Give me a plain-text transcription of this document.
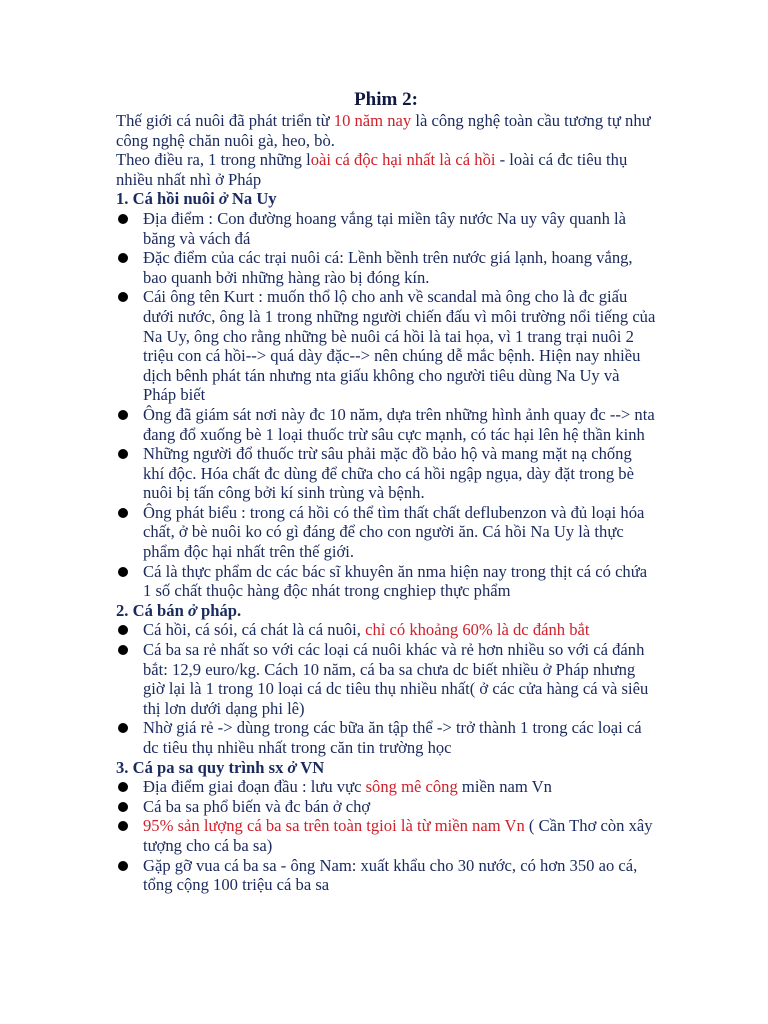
Phim 2:

Thế giới cá nuôi đã phát triển từ 10 năm nay là công nghệ toàn cầu tương tự như công nghệ chăn nuôi gà, heo, bò.

Theo điều ra, 1 trong những loài cá độc hại nhất là cá hồi - loài cá đc tiêu thụ nhiều nhất nhì ở Pháp

1. Cá hồi nuôi ở Na Uy

Địa điểm : Con đường hoang vắng tại miền tây nước Na uy vây quanh là băng và vách đá
Đặc điểm của các trại nuôi cá: Lềnh bềnh trên nước giá lạnh, hoang vắng, bao quanh bởi những hàng rào bị đóng kín.
Cái ông tên Kurt : muốn thổ lộ cho anh về scandal mà ông cho là đc giấu dưới nước, ông là 1 trong những người chiến đấu vì môi trường nổi tiếng của Na Uy, ông cho rằng những bè nuôi cá hồi là tai họa, vì 1 trang trại nuôi 2 triệu con cá hồi--> quá dày đặc--> nên chúng dễ mắc bệnh. Hiện nay nhiều dịch bênh phát tán nhưng nta giấu không cho người tiêu dùng Na Uy và Pháp biết
Ông đã giám sát nơi này đc 10 năm, dựa trên những hình ảnh quay đc --> nta đang đổ xuống bè 1 loại thuốc trừ sâu cực mạnh, có tác hại lên hệ thần kinh
Những người đổ thuốc trừ sâu phải mặc đồ bảo hộ và mang mặt nạ chống khí độc. Hóa chất đc dùng để chữa cho cá hồi ngập ngụa, dày đặt trong bè nuôi bị tấn công bởi kí sinh trùng và bệnh.
Ông phát biểu : trong cá hồi có thể tìm thất chất deflubenzon và đủ loại hóa chất, ở bè nuôi ko có gì đáng để cho con người ăn. Cá hồi Na Uy là thực phẩm độc hại nhất trên thế giới.
Cá là thực phẩm dc các bác sĩ khuyên ăn nma hiện nay trong thịt cá có chứa 1 số chất thuộc hàng độc nhát trong cnghiep thực phẩm

2. Cá bán ở pháp.

Cá hồi, cá sói, cá chát là cá nuôi, chỉ có khoảng 60% là dc đánh bắt
Cá ba sa rẻ nhất so với các loại cá nuôi khác và rẻ hơn nhiều so với cá đánh bắt: 12,9 euro/kg. Cách 10 năm, cá ba sa chưa dc biết nhiều ở Pháp nhưng giờ lại là 1 trong 10 loại cá dc tiêu thụ nhiều nhất( ở các cửa hàng cá và siêu thị lơn dưới dạng phi lê)
Nhờ giá rẻ -> dùng trong các bữa ăn tập thể -> trở thành 1 trong các loại cá dc tiêu thụ nhiều nhất trong căn tin trường học

3. Cá pa sa quy trình sx ở VN

Địa điểm giai đoạn đầu : lưu vực sông mê công miền nam Vn
Cá ba sa phổ biến và đc bán ở chợ
95% sản lượng cá ba sa trên toàn tgioi là từ miền nam Vn ( Cần Thơ còn xây tượng cho cá ba sa)
Gặp gỡ vua cá ba sa - ông Nam: xuất khẩu cho 30 nước, có hơn 350 ao cá, tổng cộng 100 triệu cá ba sa
